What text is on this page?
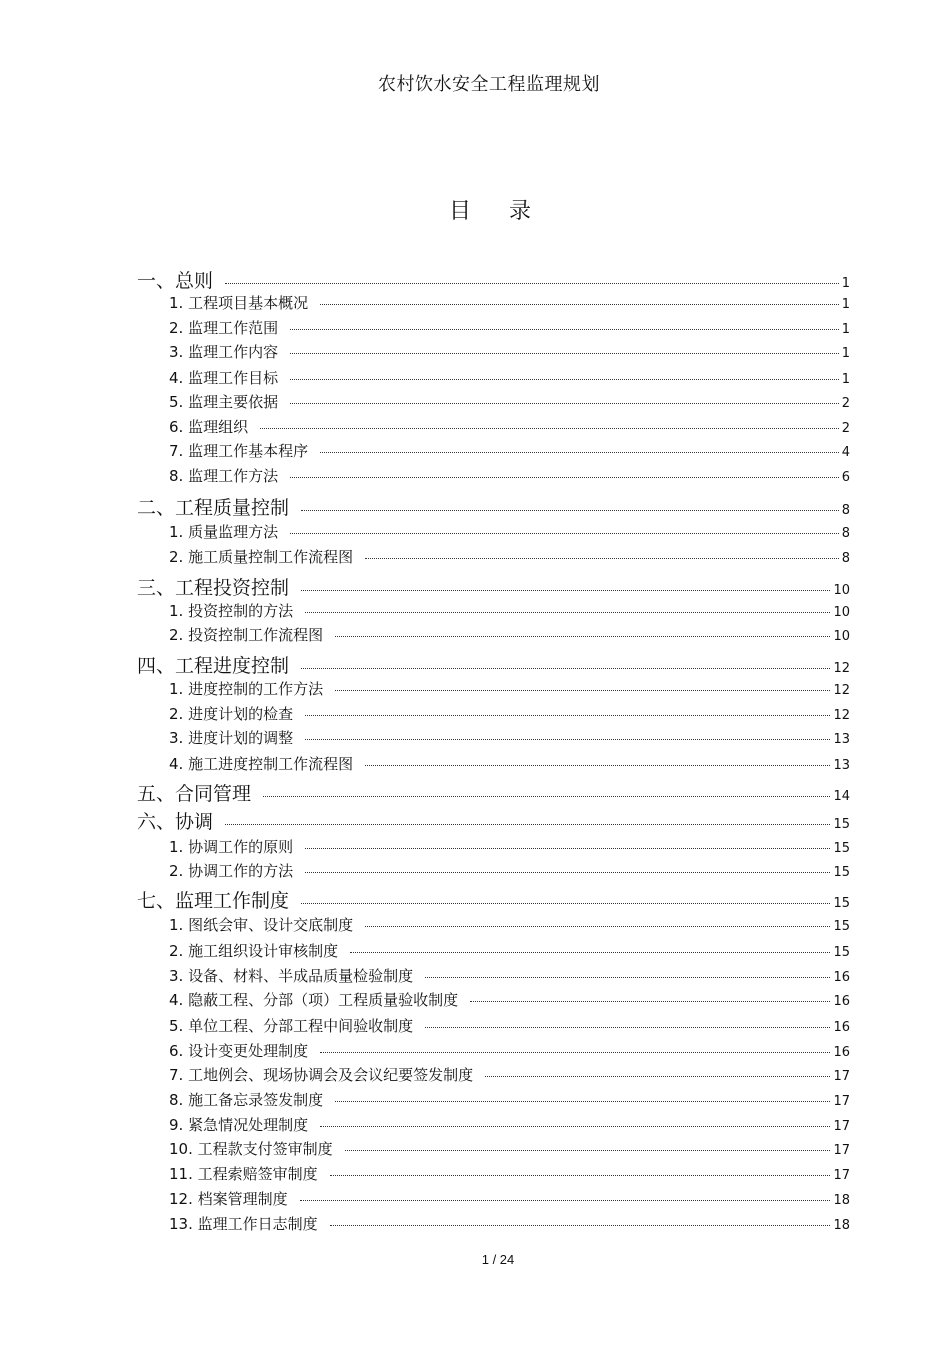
农村饮水安全工程监理规划
目录
一、总则	1
1. 工程项目基本概况	1
2. 监理工作范围	1
3. 监理工作内容	1
4. 监理工作目标	1
5. 监理主要依据	2
6. 监理组织	2
7. 监理工作基本程序	4
8. 监理工作方法	6
二、工程质量控制	8
1. 质量监理方法	8
2. 施工质量控制工作流程图	8
三、工程投资控制	10
1. 投资控制的方法	10
2. 投资控制工作流程图	10
四、工程进度控制	12
1. 进度控制的工作方法	12
2. 进度计划的检查	12
3. 进度计划的调整	13
4. 施工进度控制工作流程图	13
五、合同管理	14
六、协调	15
1. 协调工作的原则	15
2. 协调工作的方法	15
七、监理工作制度	15
1. 图纸会审、设计交底制度	15
2. 施工组织设计审核制度	15
3. 设备、材料、半成品质量检验制度	16
4. 隐蔽工程、分部（项）工程质量验收制度	16
5. 单位工程、分部工程中间验收制度	16
6. 设计变更处理制度	16
7. 工地例会、现场协调会及会议纪要签发制度	17
8. 施工备忘录签发制度	17
9. 紧急情况处理制度	17
10. 工程款支付签审制度	17
11. 工程索赔签审制度	17
12. 档案管理制度	18
13. 监理工作日志制度	18
1 / 24
